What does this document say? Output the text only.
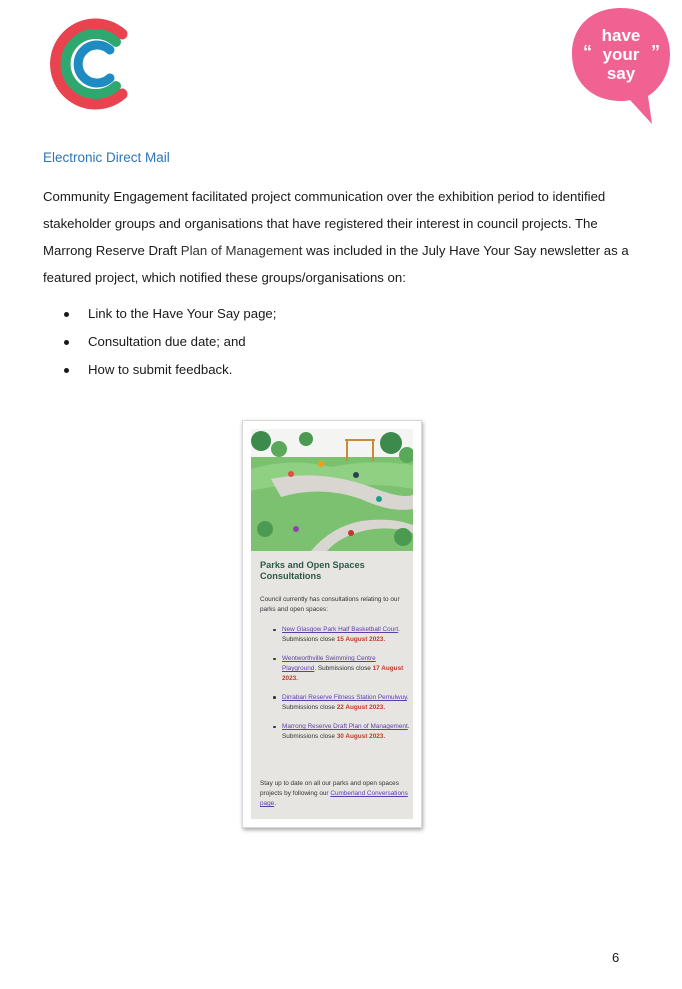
have
your
say
“	”
Electronic Direct Mail
Community Engagement facilitated project communication over the exhibition period to identified stakeholder groups and organisations that have registered their interest in council projects. The Marrong Reserve Draft Plan of Management was included in the July Have Your Say newsletter as a featured project, which notified these groups/organisations on:
Link to the Have Your Say page;
Consultation due date; and
How to submit feedback.
Parks and Open Spaces Consultations
Council currently has consultations relating to our parks and open spaces:
New Glasgow Park Half Basketball Court. Submissions close 15 August 2023.
Wentworthville Swimming Centre Playground. Submissions close 17 August 2023.
Dirrabari Reserve Fitness Station Pemulwuy. Submissions close 22 August 2023.
Marrong Reserve Draft Plan of Management. Submissions close 30 August 2023.
Stay up to date on all our parks and open spaces projects by following our Cumberland Conversations page.
6
